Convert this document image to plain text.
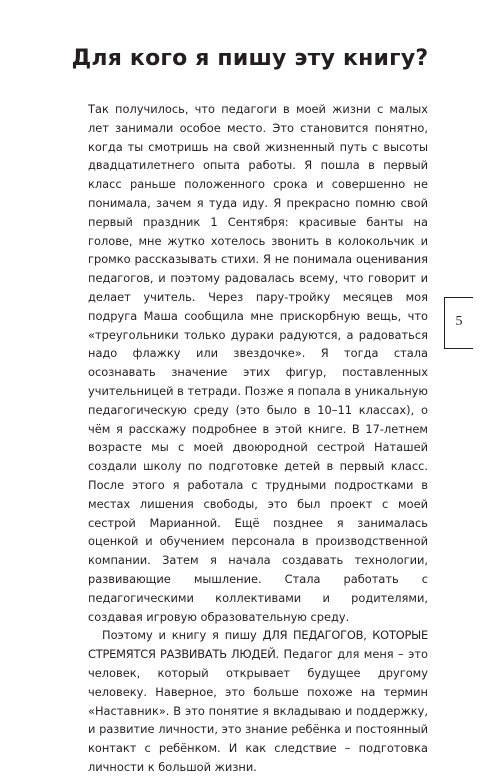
Для кого я пишу эту книгу?

Так получилось, что педагоги в моей жизни с малых лет занимали особое место. Это становится понятно, когда ты смотришь на свой жизненный путь с высоты двадцатилетнего опыта работы. Я пошла в первый класс раньше положенного срока и совершенно не понимала, зачем я туда иду. Я прекрасно помню свой первый праздник 1 Сентября: красивые банты на голове, мне жутко хотелось звонить в колокольчик и громко рассказывать стихи. Я не понимала оценивания педагогов, и поэтому радовалась всему, что говорит и делает учитель. Через пару-тройку месяцев моя подруга Маша сообщила мне прискорбную вещь, что «треугольники только дураки радуются, а радоваться надо флажку или звездочке». Я тогда стала осознавать значение этих фигур, поставленных учительницей в тетради. Позже я попала в уникальную педагогическую среду (это было в 10–11 классах), о чём я расскажу подробнее в этой книге. В 17-летнем возрасте мы с моей двоюродной сестрой Наташей создали школу по подготовке детей в первый класс. После этого я работала с трудными подростками в местах лишения свободы, это был проект с моей сестрой Марианной. Ещё позднее я занималась оценкой и обучением персонала в производственной компании. Затем я начала создавать технологии, развивающие мышление. Стала работать с педагогическими коллективами и родителями, создавая игровую образовательную среду.

Поэтому и книгу я пишу ДЛЯ ПЕДАГОГОВ, КОТОРЫЕ СТРЕМЯТСЯ РАЗВИВАТЬ ЛЮДЕЙ. Педагог для меня – это человек, который открывает будущее другому человеку. Наверное, это больше похоже на термин «Наставник». В это понятие я вкладываю и поддержку, и развитие личности, это знание ребёнка и постоянный контакт с ребёнком. И как следствие – подготовка личности к большой жизни.

5
